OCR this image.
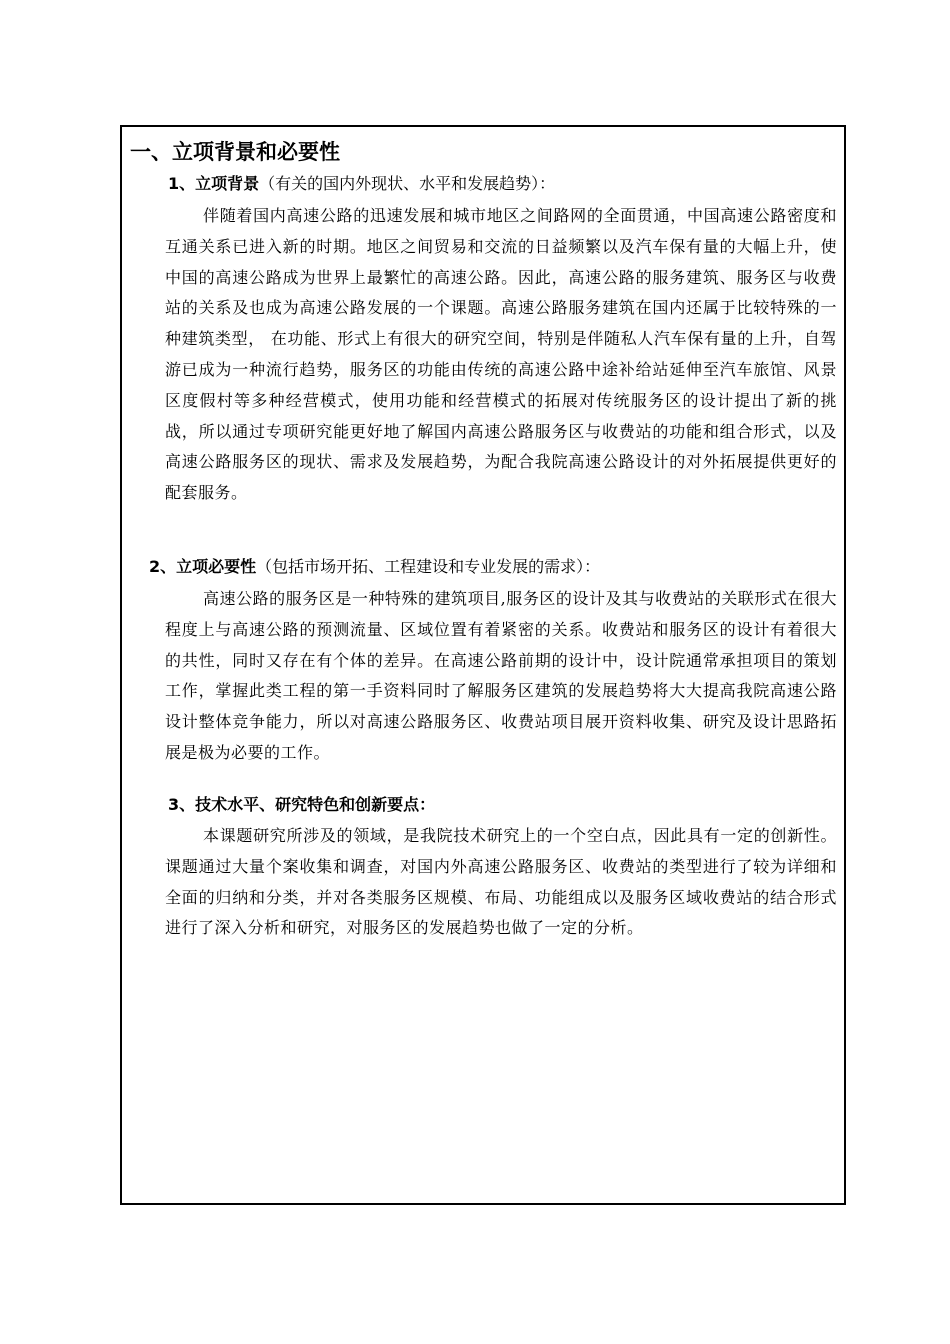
一、立项背景和必要性
1、立项背景（有关的国内外现状、水平和发展趋势）：

伴随着国内高速公路的迅速发展和城市地区之间路网的全面贯通，中国高速公路密度和互通关系已进入新的时期。地区之间贸易和交流的日益频繁以及汽车保有量的大幅上升，使中国的高速公路成为世界上最繁忙的高速公路。因此，高速公路的服务建筑、服务区与收费站的关系及也成为高速公路发展的一个课题。高速公路服务建筑在国内还属于比较特殊的一种建筑类型， 在功能、形式上有很大的研究空间，特别是伴随私人汽车保有量的上升，自驾游已成为一种流行趋势，服务区的功能由传统的高速公路中途补给站延伸至汽车旅馆、风景区度假村等多种经营模式，使用功能和经营模式的拓展对传统服务区的设计提出了新的挑战，所以通过专项研究能更好地了解国内高速公路服务区与收费站的功能和组合形式，以及高速公路服务区的现状、需求及发展趋势，为配合我院高速公路设计的对外拓展提供更好的配套服务。

2、立项必要性（包括市场开拓、工程建设和专业发展的需求）：

高速公路的服务区是一种特殊的建筑项目,服务区的设计及其与收费站的关联形式在很大程度上与高速公路的预测流量、区域位置有着紧密的关系。收费站和服务区的设计有着很大的共性，同时又存在有个体的差异。在高速公路前期的设计中，设计院通常承担项目的策划工作，掌握此类工程的第一手资料同时了解服务区建筑的发展趋势将大大提高我院高速公路设计整体竞争能力，所以对高速公路服务区、收费站项目展开资料收集、研究及设计思路拓展是极为必要的工作。

3、技术水平、研究特色和创新要点：

本课题研究所涉及的领域，是我院技术研究上的一个空白点，因此具有一定的创新性。课题通过大量个案收集和调查，对国内外高速公路服务区、收费站的类型进行了较为详细和全面的归纳和分类，并对各类服务区规模、布局、功能组成以及服务区域收费站的结合形式进行了深入分析和研究，对服务区的发展趋势也做了一定的分析。
